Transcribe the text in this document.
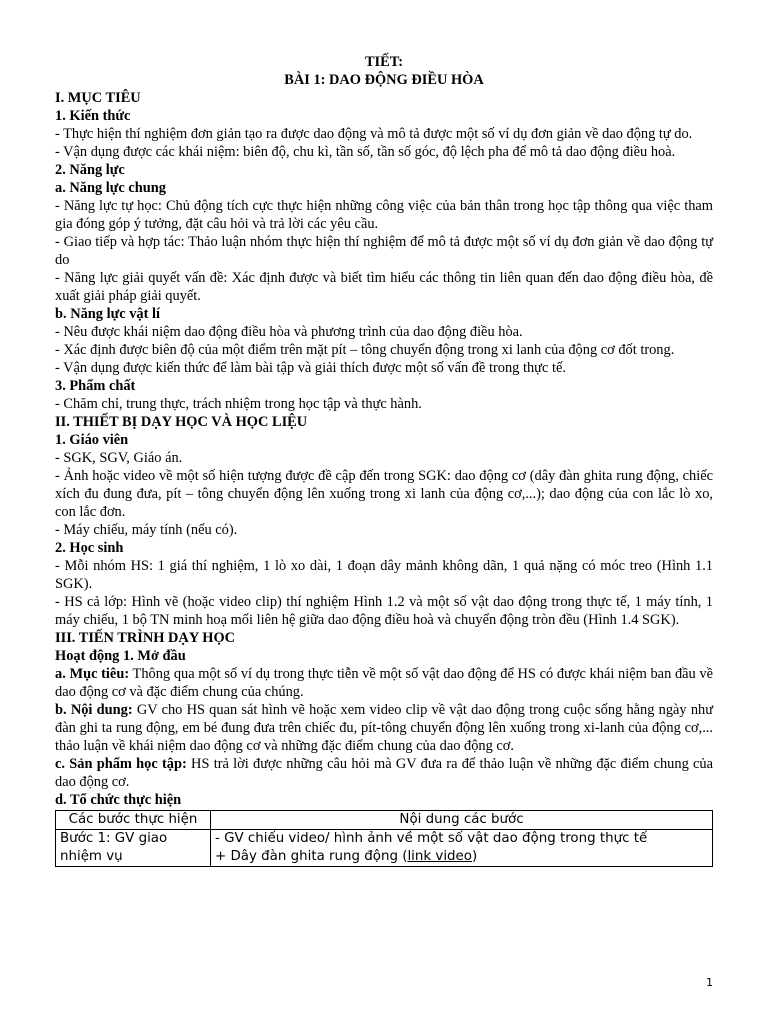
TIẾT:
BÀI 1: DAO ĐỘNG ĐIỀU HÒA
I. MỤC TIÊU
1. Kiến thức

- Thực hiện thí nghiệm đơn giản tạo ra được dao động và mô tả được một số ví dụ đơn giản về dao động tự do.

- Vận dụng được các khái niệm: biên độ, chu kì, tần số, tần số góc, độ lệch pha để mô tả dao động điều hoà.

2. Năng lực
a. Năng lực chung

- Năng lực tự học: Chủ động tích cực thực hiện những công việc của bản thân trong học tập thông qua việc tham gia đóng góp ý tưởng, đặt câu hỏi và trả lời các yêu cầu.

- Giao tiếp và hợp tác: Thảo luận nhóm thực hiện thí nghiệm để mô tả được một số ví dụ đơn giản về dao động tự do

- Năng lực giải quyết vấn đề: Xác định được và biết tìm hiểu các thông tin liên quan đến dao động điều hòa, đề xuất giải pháp giải quyết.

b. Năng lực vật lí

- Nêu được khái niệm dao động điều hòa và phương trình của dao động điều hòa.

- Xác định được biên độ của một điểm trên mặt pít – tông chuyển động trong xi lanh của động cơ đốt trong.

- Vận dụng được kiến thức để làm bài tập và giải thích được một số vấn đề trong thực tế.

3. Phẩm chất

- Chăm chỉ, trung thực, trách nhiệm trong học tập và thực hành.

II. THIẾT BỊ DẠY HỌC VÀ HỌC LIỆU
1. Giáo viên

- SGK, SGV, Giáo án.

- Ảnh hoặc video về một số hiện tượng được đề cập đến trong SGK: dao động cơ (dây đàn ghita rung động, chiếc xích đu đung đưa, pít – tông chuyển động lên xuống trong xi lanh của động cơ,...); dao động của con lắc lò xo, con lắc đơn.

- Máy chiếu, máy tính (nếu có).

2. Học sinh

- Mỗi nhóm HS: 1 giá thí nghiệm, 1 lò xo dài, 1 đoạn dây mảnh không dãn, 1 quả nặng có móc treo (Hình 1.1 SGK).

- HS cả lớp: Hình vẽ (hoặc video clip) thí nghiệm Hình 1.2 và một số vật dao động trong thực tế, 1 máy tính, 1 máy chiếu, 1 bộ TN minh hoạ mối liên hệ giữa dao động điều hoà và chuyển động tròn đều (Hình 1.4 SGK).

III. TIẾN TRÌNH DẠY HỌC
Hoạt động 1. Mở đầu

a. Mục tiêu: Thông qua một số ví dụ trong thực tiễn về một số vật dao động để HS có được khái niệm ban đầu về dao động cơ và đặc điểm chung của chúng.

b. Nội dung: GV cho HS quan sát hình vẽ hoặc xem video clip về vật dao động trong cuộc sống hằng ngày như đàn ghi ta rung động, em bé đung đưa trên chiếc đu, pít-tông chuyển động lên xuống trong xi-lanh của động cơ,... thảo luận về khái niệm dao động cơ và những đặc điểm chung của dao động cơ.

c. Sản phẩm học tập: HS trả lời được những câu hỏi mà GV đưa ra để thảo luận về những đặc điểm chung của dao động cơ.

d. Tổ chức thực hiện
Các bước thực hiện	Nội dung các bước
Bước 1: GV giao nhiệm vụ	- GV chiếu video/ hình ảnh về một số vật dao động trong thực tế
+ Dây đàn ghita rung động (link video)
1
